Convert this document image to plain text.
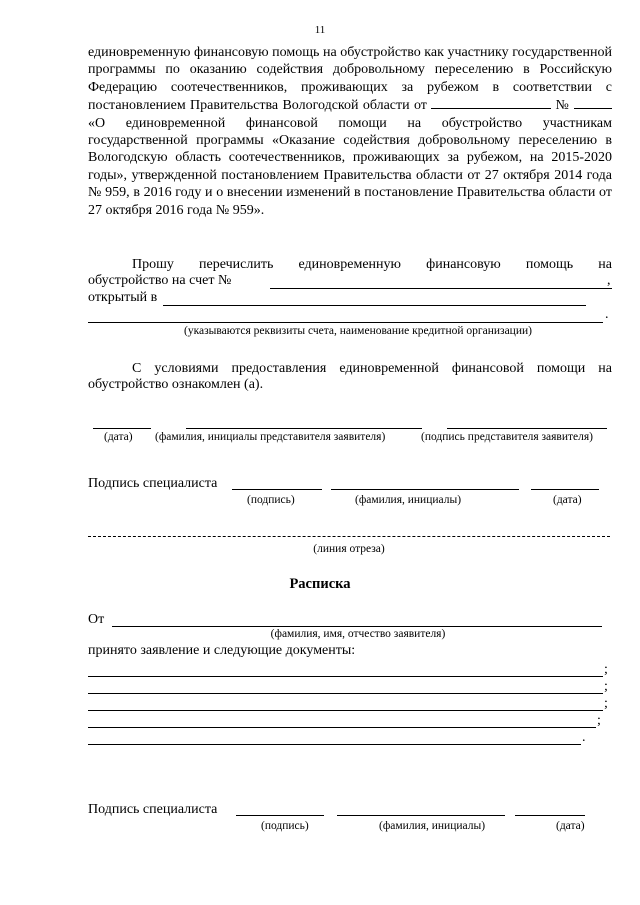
11

единовременную финансовую помощь на обустройство как участнику государственной программы по оказанию содействия добровольному переселению в Российскую Федерацию соотечественников, проживающих за рубежом в соответствии с постановлением Правительства Вологодской области от	№  «О единовременной финансовой помощи на обустройство участникам государственной программы «Оказание содействия добровольному переселению в Вологодскую область соотечественников, проживающих за рубежом, на 2015-2020 годы», утвержденной постановлением Правительства области от 27 октября 2014 года № 959, в 2016 году и о внесении изменений в постановление Правительства области от 27 октября 2016 года № 959».

Прошу перечислить единовременную финансовую помощь на

обустройство на счет №	,
открытый в
.
(указываются реквизиты счета, наименование кредитной организации)

С условиями предоставления единовременной финансовой помощи на

обустройство ознакомлен (а).
(дата) (фамилия, инициалы представителя заявителя)	(подпись представителя заявителя)
Подпись специалиста
(подпись)	(фамилия, инициалы)	(дата)
(линия отреза)
Расписка
От
(фамилия, имя, отчество заявителя)
принято заявление и следующие документы:
;
;
;
;
.
Подпись специалиста
(подпись)	(фамилия, инициалы)	(дата)
